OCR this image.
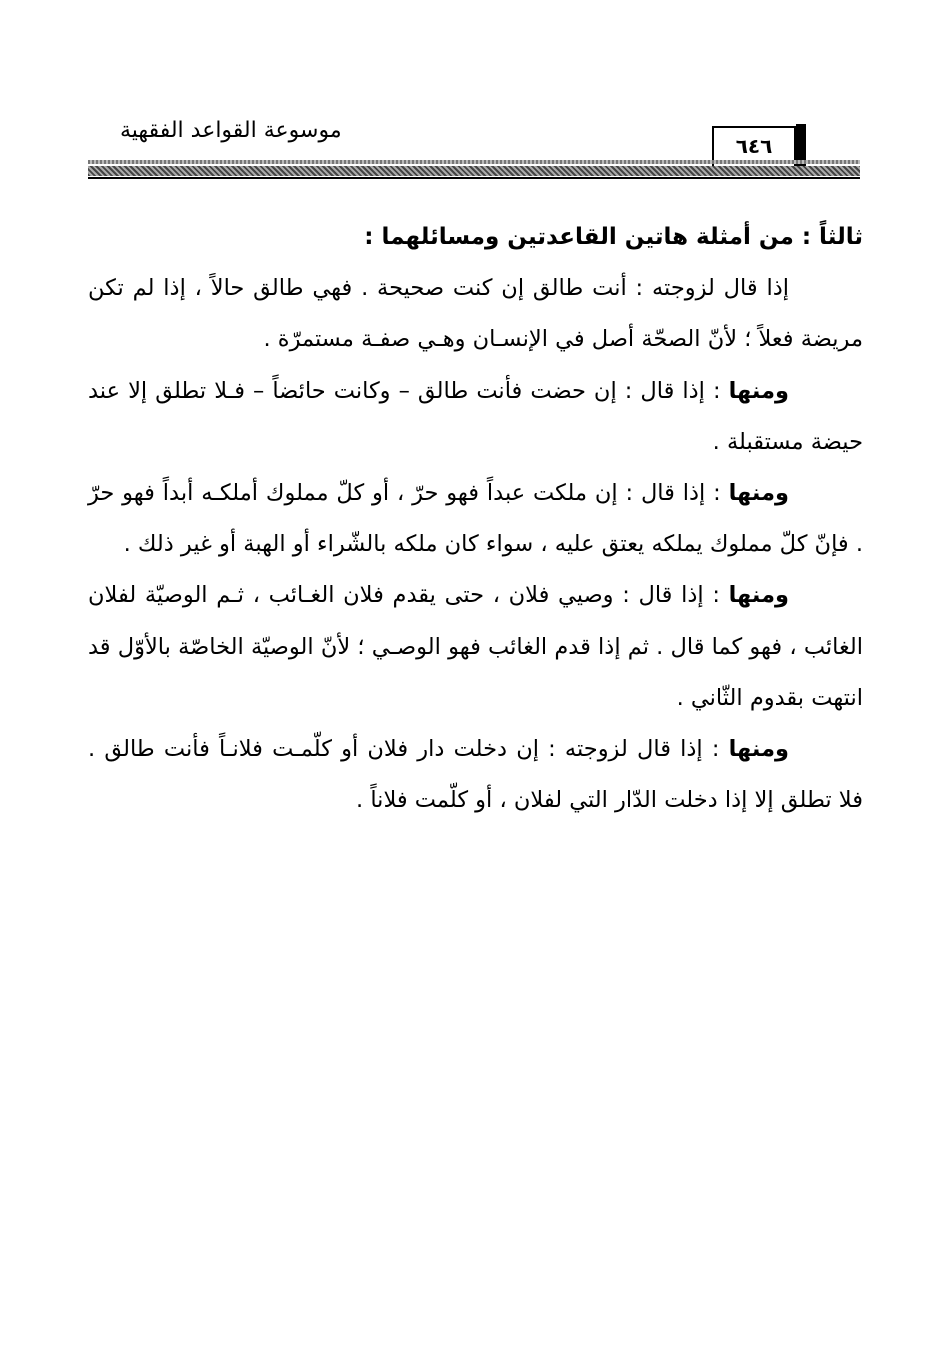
موسوعة القواعد الفقهية
٦٤٦

ثالثاً : من أمثلة هاتين القاعدتين ومسائلهما :

إذا قال لزوجته : أنت طالق إن كنت صحيحة . فهي طالق حالاً ، إذا لم تكن مريضة فعلاً ؛ لأنّ الصحّة أصل في الإنسـان وهـي صفـة مستمرّة .

ومنها : إذا قال : إن حضت فأنت طالق – وكانت حائضاً – فـلا تطلق إلا عند حيضة مستقبلة .

ومنها : إذا قال : إن ملكت عبداً فهو حرّ ، أو كلّ مملوك أملكـه أبداً فهو حرّ . فإنّ كلّ مملوك يملكه يعتق عليه ، سواء كان ملكه بالشّراء أو الهبة أو غير ذلك .

ومنها : إذا قال : وصيي فلان ، حتى يقدم فلان الغـائب ، ثـم الوصيّة لفلان الغائب ، فهو كما قال . ثم إذا قدم الغائب فهو الوصـي ؛ لأنّ الوصيّة الخاصّة بالأوّل قد انتهت بقدوم الثّاني .

ومنها : إذا قال لزوجته : إن دخلت دار فلان أو كلّمـت فلانـاً فأنت طالق . فلا تطلق إلا إذا دخلت الدّار التي لفلان ، أو كلّمت فلاناً .
